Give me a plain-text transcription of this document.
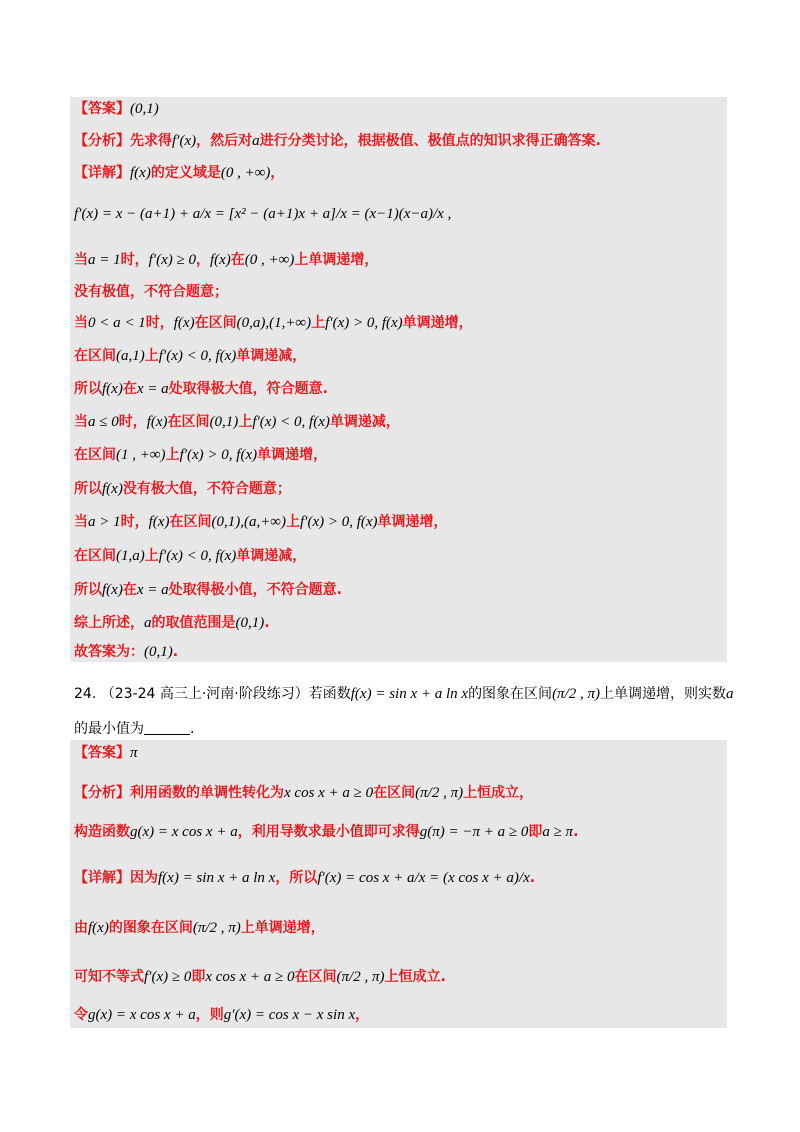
【答案】(0,1)
【分析】先求得f′(x)，然后对a进行分类讨论，根据极值、极值点的知识求得正确答案.
【详解】f(x)的定义域是(0 , +∞)，
f′(x) = x − (a+1) + a/x = [x² − (a+1)x + a]/x = (x−1)(x−a)/x ,
当a = 1时，f′(x) ≥ 0，f(x)在(0 , +∞)上单调递增，
没有极值，不符合题意；
当0 < a < 1时，f(x)在区间(0,a),(1,+∞)上f′(x) > 0, f(x)单调递增，
在区间(a,1)上f′(x) < 0, f(x)单调递减，
所以f(x)在x = a处取得极大值，符合题意.
当a ≤ 0时，f(x)在区间(0,1)上f′(x) < 0, f(x)单调递减，
在区间(1 , +∞)上f′(x) > 0, f(x)单调递增，
所以f(x)没有极大值，不符合题意；
当a > 1时，f(x)在区间(0,1),(a,+∞)上f′(x) > 0, f(x)单调递增，
在区间(1,a)上f′(x) < 0, f(x)单调递减，
所以f(x)在x = a处取得极小值，不符合题意.
综上所述，a的取值范围是(0,1).
故答案为：(0,1).
24. （23-24 高三上·河南·阶段练习）若函数f(x) = sin x + a ln x的图象在区间(π/2 , π)上单调递增，则实数a
的最小值为	.
【答案】π
【分析】利用函数的单调性转化为x cos x + a ≥ 0在区间(π/2 , π)上恒成立，
构造函数g(x) = x cos x + a，利用导数求最小值即可求得g(π) = −π + a ≥ 0即a ≥ π.
【详解】因为f(x) = sin x + a ln x，所以f′(x) = cos x + a/x = (x cos x + a)/x.
由f(x)的图象在区间(π/2 , π)上单调递增，
可知不等式f′(x) ≥ 0即x cos x + a ≥ 0在区间(π/2 , π)上恒成立.
令g(x) = x cos x + a，则g′(x) = cos x − x sin x，
